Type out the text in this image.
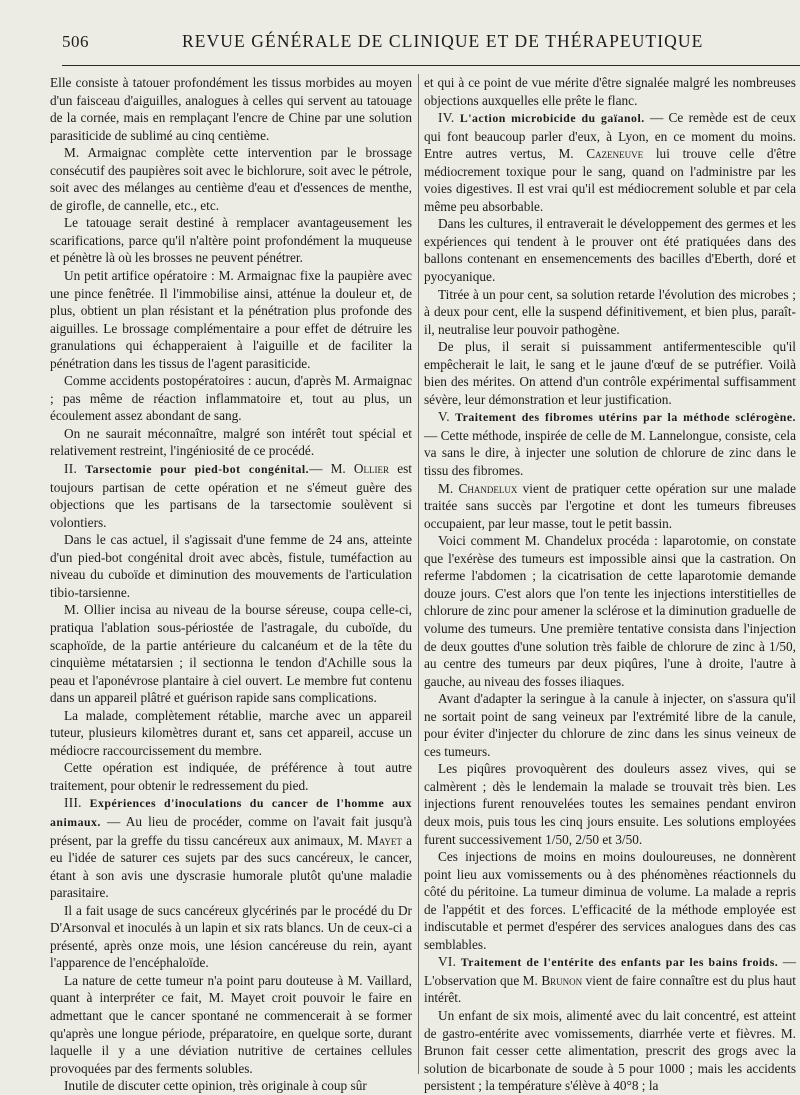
506	REVUE GÉNÉRALE DE CLINIQUE ET DE THÉRAPEUTIQUE

Elle consiste à tatouer profondément les tissus morbides au moyen d'un faisceau d'aiguilles, analogues à celles qui servent au tatouage de la cornée, mais en remplaçant l'encre de Chine par une solution parasiticide de sublimé au cinq centième.

M. Armaignac complète cette intervention par le brossage consécutif des paupières soit avec le bichlorure, soit avec le pétrole, soit avec des mélanges au centième d'eau et d'essences de menthe, de girofle, de cannelle, etc., etc.

Le tatouage serait destiné à remplacer avantageusement les scarifications, parce qu'il n'altère point profondément la muqueuse et pénètre là où les brosses ne peuvent pénétrer.

Un petit artifice opératoire : M. Armaignac fixe la paupière avec une pince fenêtrée. Il l'immobilise ainsi, atténue la douleur et, de plus, obtient un plan résistant et la pénétration plus profonde des aiguilles. Le brossage complémentaire a pour effet de détruire les granulations qui échapperaient à l'aiguille et de faciliter la pénétration dans les tissus de l'agent parasiticide.

Comme accidents postopératoires : aucun, d'après M. Armaignac ; pas même de réaction inflammatoire et, tout au plus, un écoulement assez abondant de sang.

On ne saurait méconnaître, malgré son intérêt tout spécial et relativement restreint, l'ingéniosité de ce procédé.

II. Tarsectomie pour pied-bot congénital.— M. Ollier est toujours partisan de cette opération et ne s'émeut guère des objections que les partisans de la tarsectomie soulèvent si volontiers.

Dans le cas actuel, il s'agissait d'une femme de 24 ans, atteinte d'un pied-bot congénital droit avec abcès, fistule, tuméfaction au niveau du cuboïde et diminution des mouvements de l'articulation tibio-tarsienne.

M. Ollier incisa au niveau de la bourse séreuse, coupa celle-ci, pratiqua l'ablation sous-périostée de l'astragale, du cuboïde, du scaphoïde, de la partie antérieure du calcanéum et de la tête du cinquième métatarsien ; il sectionna le tendon d'Achille sous la peau et l'aponévrose plantaire à ciel ouvert. Le membre fut contenu dans un appareil plâtré et guérison rapide sans complications.

La malade, complètement rétablie, marche avec un appareil tuteur, plusieurs kilomètres durant et, sans cet appareil, accuse un médiocre raccourcissement du membre.

Cette opération est indiquée, de préférence à tout autre traitement, pour obtenir le redressement du pied.

III. Expériences d'inoculations du cancer de l'homme aux animaux. — Au lieu de procéder, comme on l'avait fait jusqu'à présent, par la greffe du tissu cancéreux aux animaux, M. Mayet a eu l'idée de saturer ces sujets par des sucs cancéreux, le cancer, étant à son avis une dyscrasie humorale plutôt qu'une maladie parasitaire.

Il a fait usage de sucs cancéreux glycérinés par le procédé du Dr D'Arsonval et inoculés à un lapin et six rats blancs. Un de ceux-ci a présenté, après onze mois, une lésion cancéreuse du rein, ayant l'apparence de l'encéphaloïde.

La nature de cette tumeur n'a point paru douteuse à M. Vaillard, quant à interpréter ce fait, M. Mayet croit pouvoir le faire en admettant que le cancer spontané ne commencerait à se former qu'après une longue période, préparatoire, en quelque sorte, durant laquelle il y a une déviation nutritive de certaines cellules provoquées par des ferments solubles.

Inutile de discuter cette opinion, très originale à coup sûr

et qui à ce point de vue mérite d'être signalée malgré les nombreuses objections auxquelles elle prête le flanc.

IV. L'action microbicide du gaïanol. — Ce remède est de ceux qui font beaucoup parler d'eux, à Lyon, en ce moment du moins. Entre autres vertus, M. Cazeneuve lui trouve celle d'être médiocrement toxique pour le sang, quand on l'administre par les voies digestives. Il est vrai qu'il est médiocrement soluble et par cela même peu absorbable.

Dans les cultures, il entraverait le développement des germes et les expériences qui tendent à le prouver ont été pratiquées dans des ballons contenant en ensemencements des bacilles d'Eberth, doré et pyocyanique.

Titrée à un pour cent, sa solution retarde l'évolution des microbes ; à deux pour cent, elle la suspend définitivement, et bien plus, paraît-il, neutralise leur pouvoir pathogène.

De plus, il serait si puissamment antifermentescible qu'il empêcherait le lait, le sang et le jaune d'œuf de se putréfier. Voilà bien des mérites. On attend d'un contrôle expérimental suffisamment sévère, leur démonstration et leur justification.

V. Traitement des fibromes utérins par la méthode sclérogène. — Cette méthode, inspirée de celle de M. Lannelongue, consiste, cela va sans le dire, à injecter une solution de chlorure de zinc dans le tissu des fibromes.

M. Chandelux vient de pratiquer cette opération sur une malade traitée sans succès par l'ergotine et dont les tumeurs fibreuses occupaient, par leur masse, tout le petit bassin.

Voici comment M. Chandelux procéda : laparotomie, on constate que l'exérèse des tumeurs est impossible ainsi que la castration. On referme l'abdomen ; la cicatrisation de cette laparotomie demande douze jours. C'est alors que l'on tente les injections interstitielles de chlorure de zinc pour amener la sclérose et la diminution graduelle de volume des tumeurs. Une première tentative consista dans l'injection de deux gouttes d'une solution très faible de chlorure de zinc à 1/50, au centre des tumeurs par deux piqûres, l'une à droite, l'autre à gauche, au niveau des fosses iliaques.

Avant d'adapter la seringue à la canule à injecter, on s'assura qu'il ne sortait point de sang veineux par l'extrémité libre de la canule, pour éviter d'injecter du chlorure de zinc dans les sinus veineux de ces tumeurs.

Les piqûres provoquèrent des douleurs assez vives, qui se calmèrent ; dès le lendemain la malade se trouvait très bien. Les injections furent renouvelées toutes les semaines pendant environ deux mois, puis tous les cinq jours ensuite. Les solutions employées furent successivement 1/50, 2/50 et 3/50.

Ces injections de moins en moins douloureuses, ne donnèrent point lieu aux vomissements ou à des phénomènes réactionnels du côté du péritoine. La tumeur diminua de volume. La malade a repris de l'appétit et des forces. L'efficacité de la méthode employée est indiscutable et permet d'espérer des services analogues dans des cas semblables.

VI. Traitement de l'entérite des enfants par les bains froids. — L'observation que M. Brunon vient de faire connaître est du plus haut intérêt.

Un enfant de six mois, alimenté avec du lait concentré, est atteint de gastro-entérite avec vomissements, diarrhée verte et fièvres. M. Brunon fait cesser cette alimentation, prescrit des grogs avec la solution de bicarbonate de soude à 5 pour 1000 ; mais les accidents persistent ; la température s'élève à 40°8 ; la
